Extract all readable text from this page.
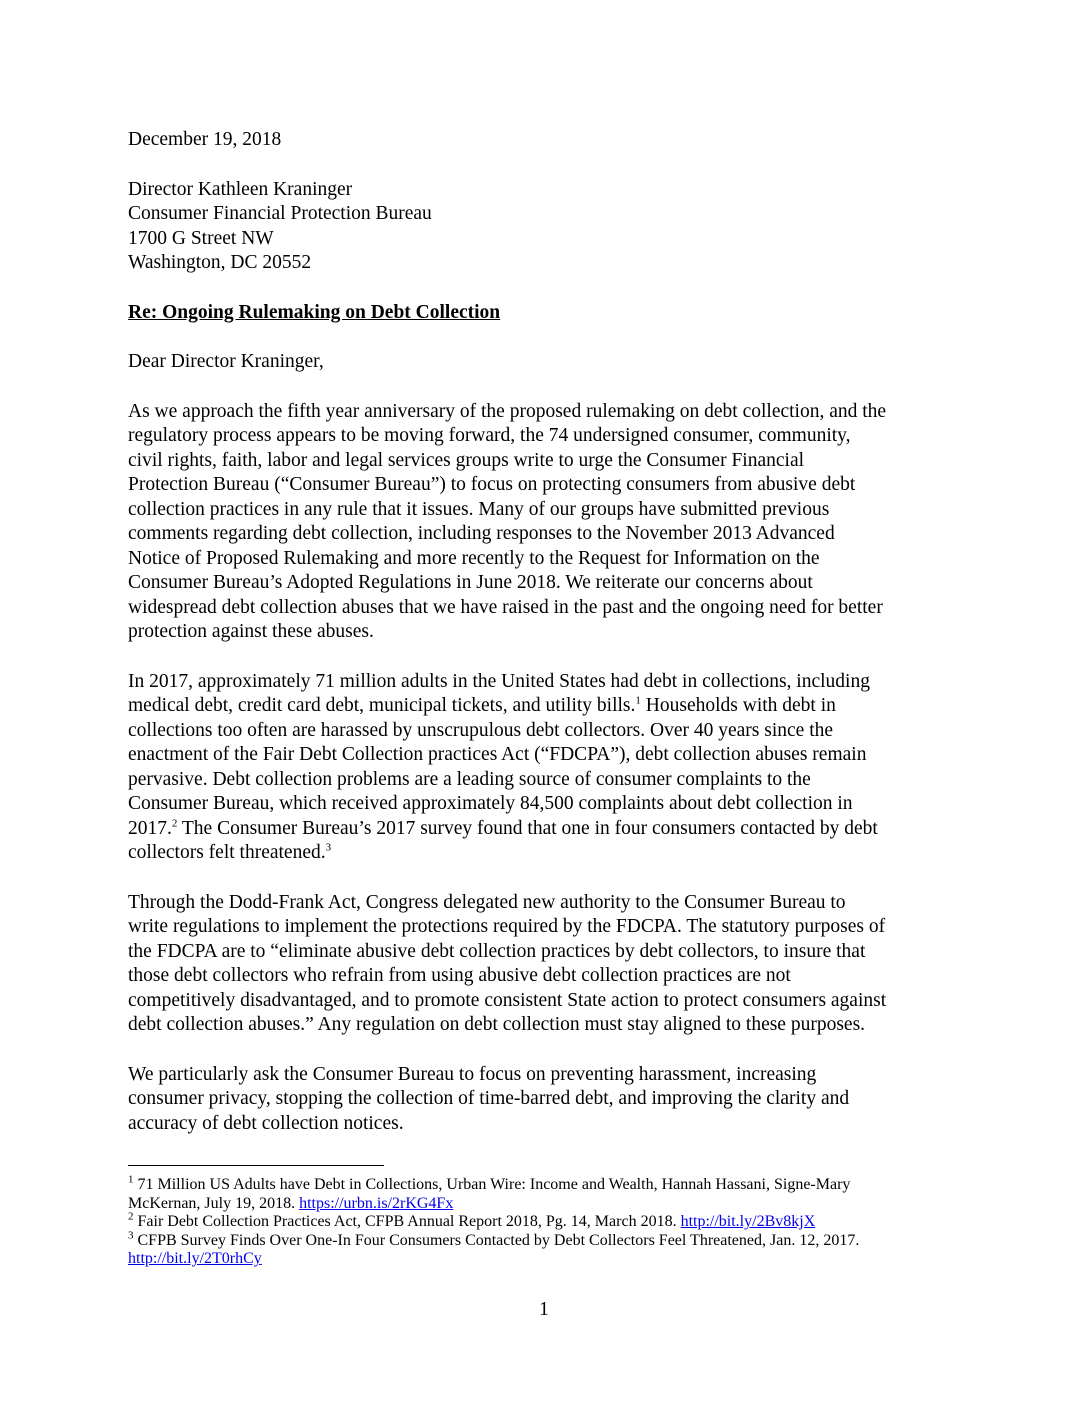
December 19, 2018
Director Kathleen Kraninger
Consumer Financial Protection Bureau
1700 G Street NW
Washington, DC 20552
Re: Ongoing Rulemaking on Debt Collection
Dear Director Kraninger,
As we approach the fifth year anniversary of the proposed rulemaking on debt collection, and the
regulatory process appears to be moving forward, the 74 undersigned consumer, community,
civil rights, faith, labor and legal services groups write to urge the Consumer Financial
Protection Bureau (“Consumer Bureau”) to focus on protecting consumers from abusive debt
collection practices in any rule that it issues. Many of our groups have submitted previous
comments regarding debt collection, including responses to the November 2013 Advanced
Notice of Proposed Rulemaking and more recently to the Request for Information on the
Consumer Bureau’s Adopted Regulations in June 2018. We reiterate our concerns about
widespread debt collection abuses that we have raised in the past and the ongoing need for better
protection against these abuses.
In 2017, approximately 71 million adults in the United States had debt in collections, including
medical debt, credit card debt, municipal tickets, and utility bills.$^1$ Households with debt in
collections too often are harassed by unscrupulous debt collectors. Over 40 years since the
enactment of the Fair Debt Collection practices Act (“FDCPA”), debt collection abuses remain
pervasive. Debt collection problems are a leading source of consumer complaints to the
Consumer Bureau, which received approximately 84,500 complaints about debt collection in
2017.$^2$ The Consumer Bureau’s 2017 survey found that one in four consumers contacted by debt
collectors felt threatened.$^3$
Through the Dodd-Frank Act, Congress delegated new authority to the Consumer Bureau to
write regulations to implement the protections required by the FDCPA. The statutory purposes of
the FDCPA are to “eliminate abusive debt collection practices by debt collectors, to insure that
those debt collectors who refrain from using abusive debt collection practices are not
competitively disadvantaged, and to promote consistent State action to protect consumers against
debt collection abuses.” Any regulation on debt collection must stay aligned to these purposes.
We particularly ask the Consumer Bureau to focus on preventing harassment, increasing
consumer privacy, stopping the collection of time-barred debt, and improving the clarity and
accuracy of debt collection notices.
$^1$ 71 Million US Adults have Debt in Collections, Urban Wire: Income and Wealth, Hannah Hassani, Signe-Mary
McKernan, July 19, 2018. https://urbn.is/2rKG4Fx
$^2$ Fair Debt Collection Practices Act, CFPB Annual Report 2018, Pg. 14, March 2018. http://bit.ly/2Bv8kjX
$^3$ CFPB Survey Finds Over One-In Four Consumers Contacted by Debt Collectors Feel Threatened, Jan. 12, 2017.
http://bit.ly/2T0rhCy
1
